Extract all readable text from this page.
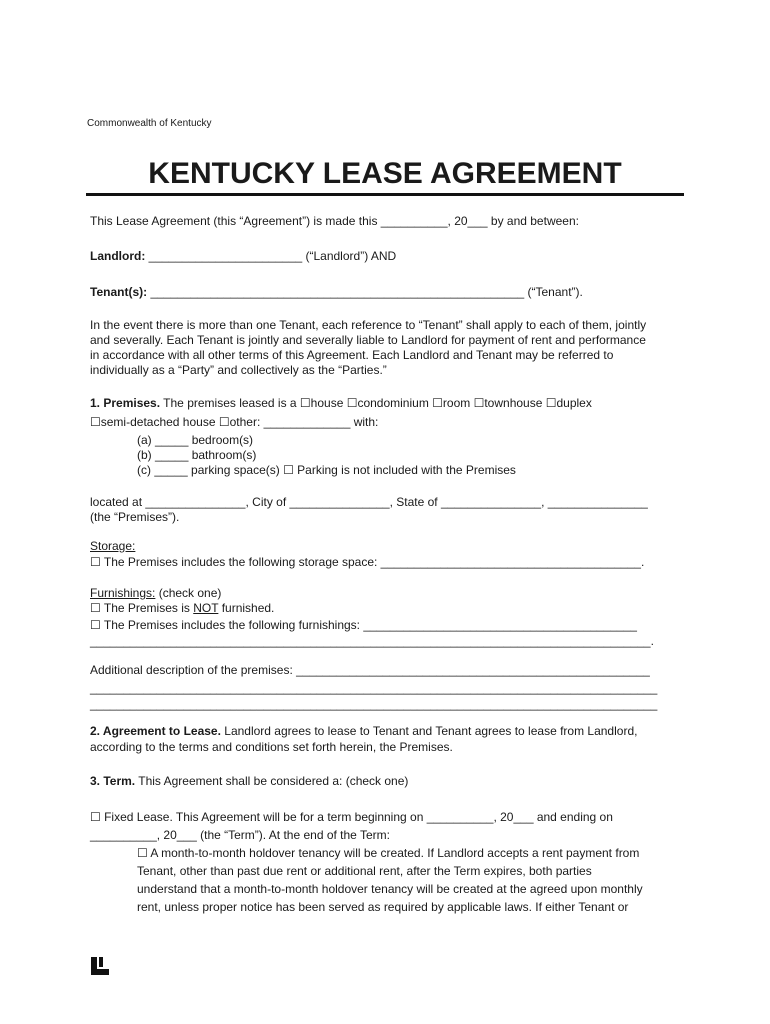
Commonwealth of Kentucky
KENTUCKY LEASE AGREEMENT
This Lease Agreement (this “Agreement”) is made this __________, 20___ by and between:
Landlord: _______________________ (“Landlord”) AND
Tenant(s): ________________________________________________________ (“Tenant”).
In the event there is more than one Tenant, each reference to “Tenant” shall apply to each of them, jointly
and severally. Each Tenant is jointly and severally liable to Landlord for payment of rent and performance
in accordance with all other terms of this Agreement. Each Landlord and Tenant may be referred to
individually as a “Party” and collectively as the “Parties.”
1. Premises. The premises leased is a ☐house ☐condominium ☐room ☐townhouse ☐duplex
☐semi-detached house ☐other: _____________ with:
(a) _____ bedroom(s)
(b) _____ bathroom(s)
(c) _____ parking space(s) ☐ Parking is not included with the Premises
located at _______________, City of _______________, State of _______________, _______________
(the “Premises”).
Storage:
☐ The Premises includes the following storage space: _______________________________________.
Furnishings: (check one)
☐ The Premises is NOT furnished.
☐ The Premises includes the following furnishings: _________________________________________
____________________________________________________________________________________.
Additional description of the premises: _____________________________________________________
_____________________________________________________________________________________
_____________________________________________________________________________________
2. Agreement to Lease. Landlord agrees to lease to Tenant and Tenant agrees to lease from Landlord,
according to the terms and conditions set forth herein, the Premises.
3. Term. This Agreement shall be considered a: (check one)
☐ Fixed Lease. This Agreement will be for a term beginning on __________, 20___ and ending on
__________, 20___ (the “Term”). At the end of the Term:
☐ A month-to-month holdover tenancy will be created. If Landlord accepts a rent payment from
Tenant, other than past due rent or additional rent, after the Term expires, both parties
understand that a month-to-month holdover tenancy will be created at the agreed upon monthly
rent, unless proper notice has been served as required by applicable laws. If either Tenant or
